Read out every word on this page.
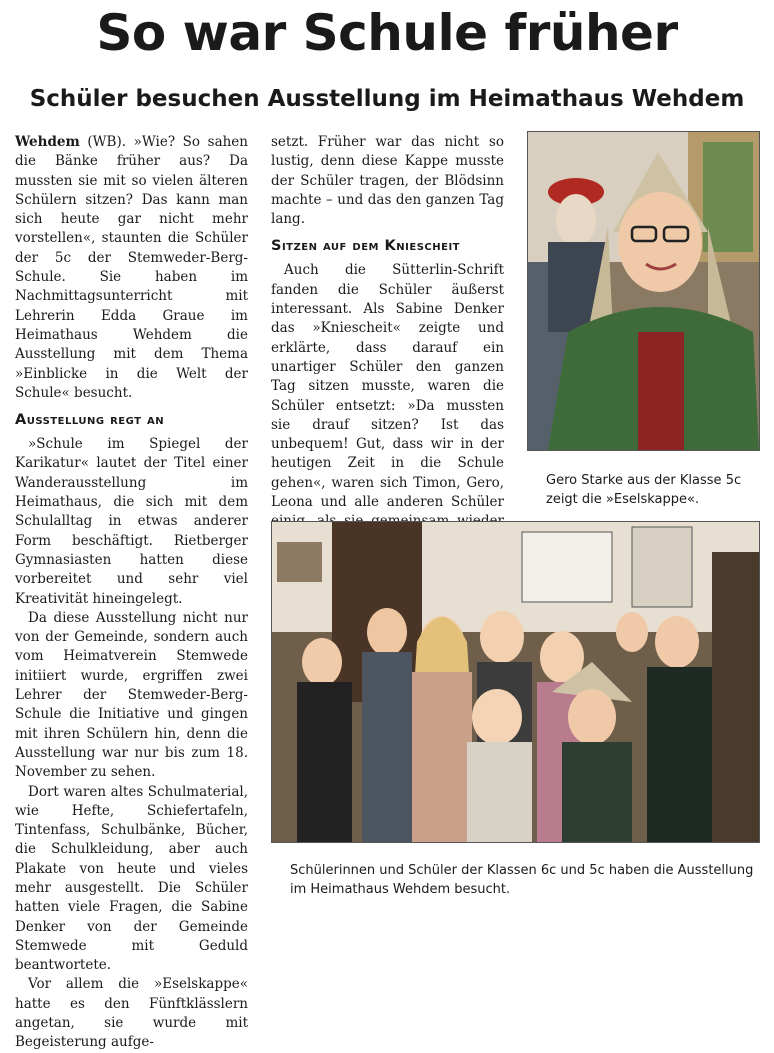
So war Schule früher
Schüler besuchen Ausstellung im Heimathaus Wehdem

Wehdem (WB). »Wie? So sahen die Bänke früher aus? Da mussten sie mit so vielen älteren Schülern sitzen? Das kann man sich heute gar nicht mehr vorstellen«, staunten die Schüler der 5c der Stemweder-Berg-Schule. Sie haben im Nachmittagsunterricht mit Lehrerin Edda Graue im Heimathaus Wehdem die Ausstellung mit dem Thema »Einblicke in die Welt der Schule« besucht.

Ausstellung regt an

»Schule im Spiegel der Karikatur« lautet der Titel einer Wanderausstellung im Heimathaus, die sich mit dem Schulalltag in etwas anderer Form beschäftigt. Rietberger Gymnasiasten hatten diese vorbereitet und sehr viel Kreativität hineingelegt.

Da diese Ausstellung nicht nur von der Gemeinde, sondern auch vom Heimatverein Stemwede initiiert wurde, ergriffen zwei Lehrer der Stemweder-Berg-Schule die Initiative und gingen mit ihren Schülern hin, denn die Ausstellung war nur bis zum 18. November zu sehen.

Dort waren altes Schulmaterial, wie Hefte, Schiefertafeln, Tintenfass, Schulbänke, Bücher, die Schulkleidung, aber auch Plakate von heute und vieles mehr ausgestellt. Die Schüler hatten viele Fragen, die Sabine Denker von der Gemeinde Stemwede mit Geduld beantwortete.

Vor allem die »Eselskappe« hatte es den Fünftklässlern angetan, sie wurde mit Begeisterung aufge-

setzt. Früher war das nicht so lustig, denn diese Kappe musste der Schüler tragen, der Blödsinn machte – und das den ganzen Tag lang.

Sitzen auf dem Kniescheit

Auch die Sütterlin-Schrift fanden die Schüler äußerst interessant. Als Sabine Denker das »Kniescheit« zeigte und erklärte, dass darauf ein unartiger Schüler den ganzen Tag sitzen musste, waren die Schüler entsetzt: »Da mussten sie drauf sitzen? Ist das unbequem! Gut, dass wir in der heutigen Zeit in die Schule gehen«, waren sich Timon, Gero, Leona und alle anderen Schüler

Gero Starke aus der Klasse 5c zeigt die »Eselskappe«.

Schülerinnen und Schüler der Klassen 6c und 5c haben die Ausstellung im Heimathaus Wehdem besucht.
